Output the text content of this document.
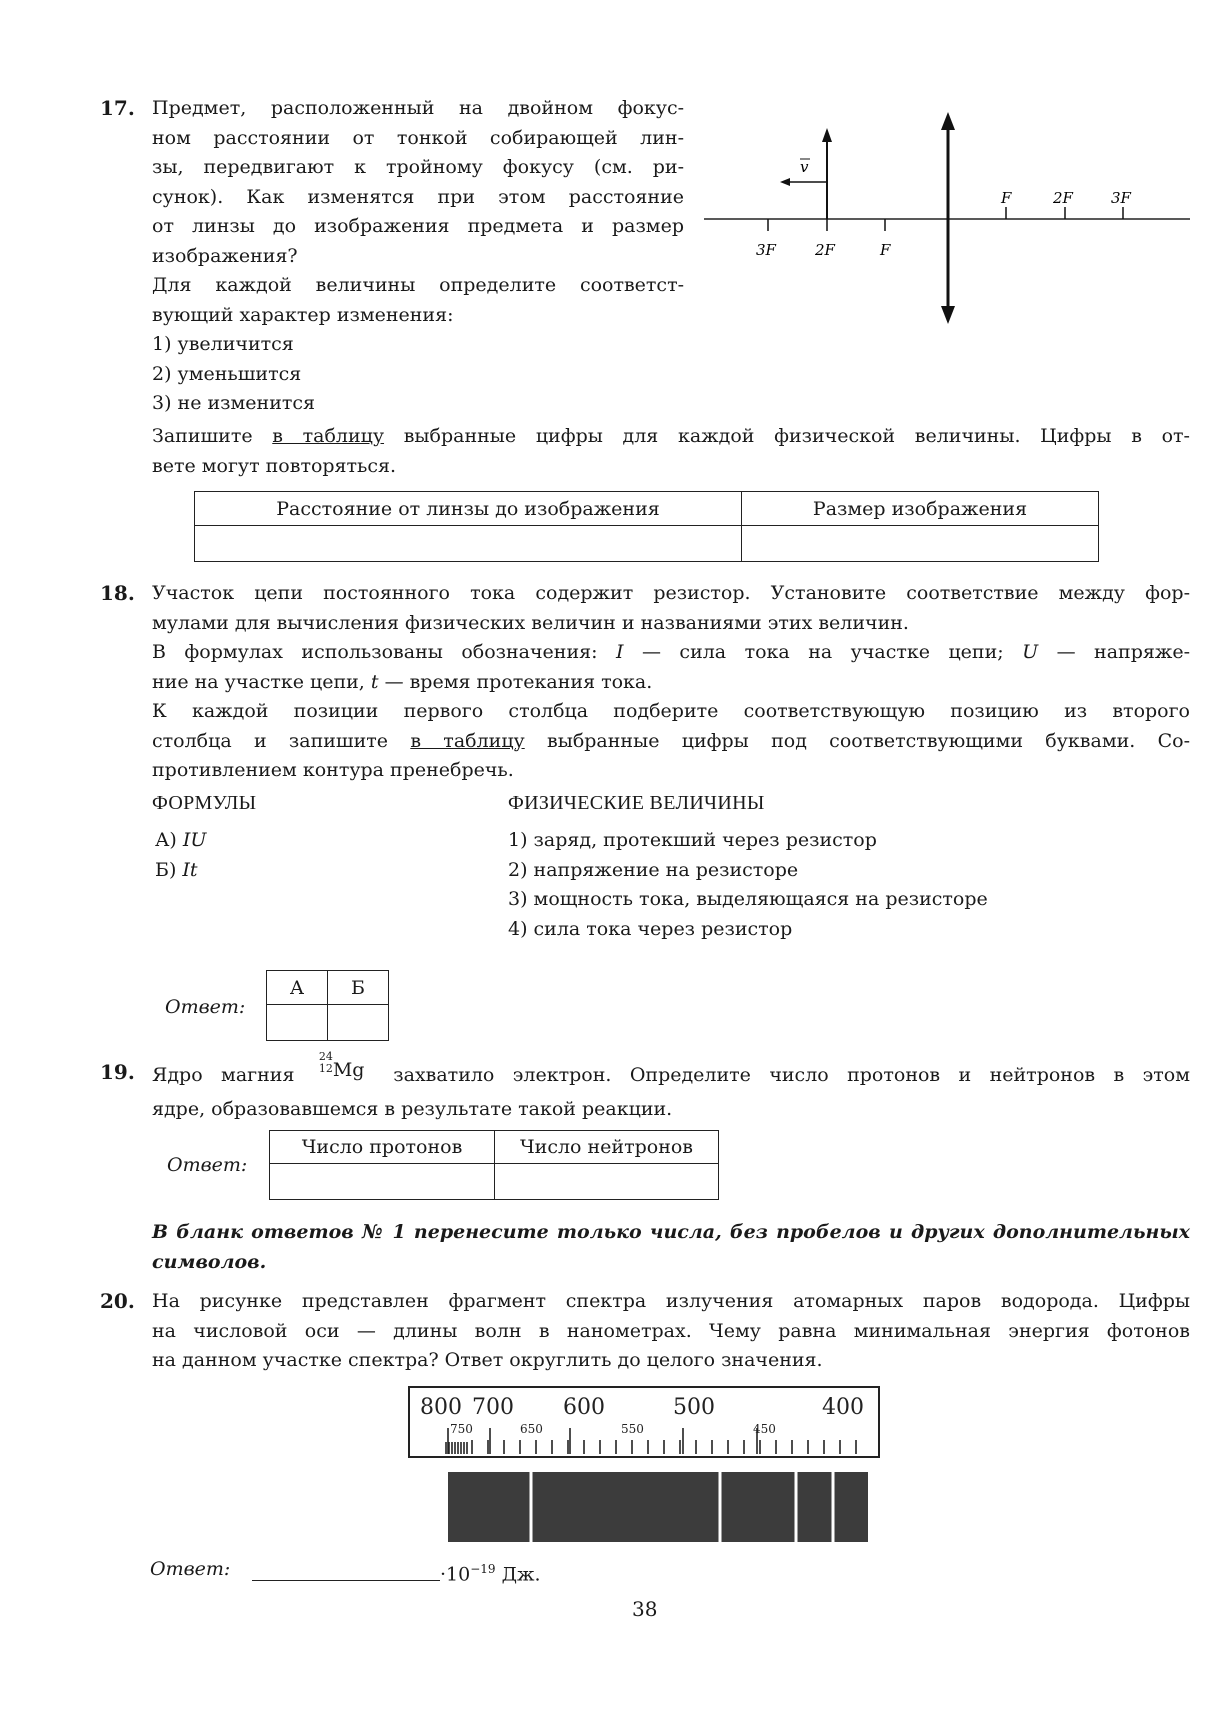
17. Предмет, расположенный на двойном фокус-
ном расстоянии от тонкой собирающей лин-
зы, передвигают к тройному фокусу (см. ри-
сунок). Как изменятся при этом расстояние
от линзы до изображения предмета и размер
изображения?
Для каждой величины определите соответст-
вующий характер изменения:
1) увеличится
2) уменьшится
3) не изменится
v
3F	2F	F
F	2F	3F
Запишите в таблицу выбранные цифры для каждой физической величины. Цифры в от-
вете могут повторяться.
Расстояние от линзы до изображения	Размер изображения

18. Участок цепи постоянного тока содержит резистор. Установите соответствие между фор-
мулами для вычисления физических величин и названиями этих величин.
В формулах использованы обозначения: I — сила тока на участке цепи; U — напряже-
ние на участке цепи, t — время протекания тока.
К каждой позиции первого столбца подберите соответствующую позицию из второго
столбца и запишите в таблицу выбранные цифры под соответствующими буквами. Со-
противлением контура пренебречь.
ФОРМУЛЫ	ФИЗИЧЕСКИЕ ВЕЛИЧИНЫ
А) IU
Б) It
1) заряд, протекший через резистор
2) напряжение на резисторе
3) мощность тока, выделяющаяся на резисторе
4) сила тока через резистор
Ответ:
А	Б

19. Ядро магния
24
12 Mg захватило электрон. Определите число протонов и нейтронов в этом
ядре, образовавшемся в результате такой реакции.
Ответ:
Число протонов	Число нейтронов

В бланк ответов № 1 перенесите только числа, без пробелов и других дополнительных
символов.
20. На рисунке представлен фрагмент спектра излучения атомарных паров водорода. Цифры
на числовой оси — длины волн в нанометрах. Чему равна минимальная энергия фотонов
на данном участке спектра? Ответ округлить до целого значения.
800 700 600	500	400
750	650	550	450
Ответ:	$\cdot 10^{-19}$ Дж.
38
